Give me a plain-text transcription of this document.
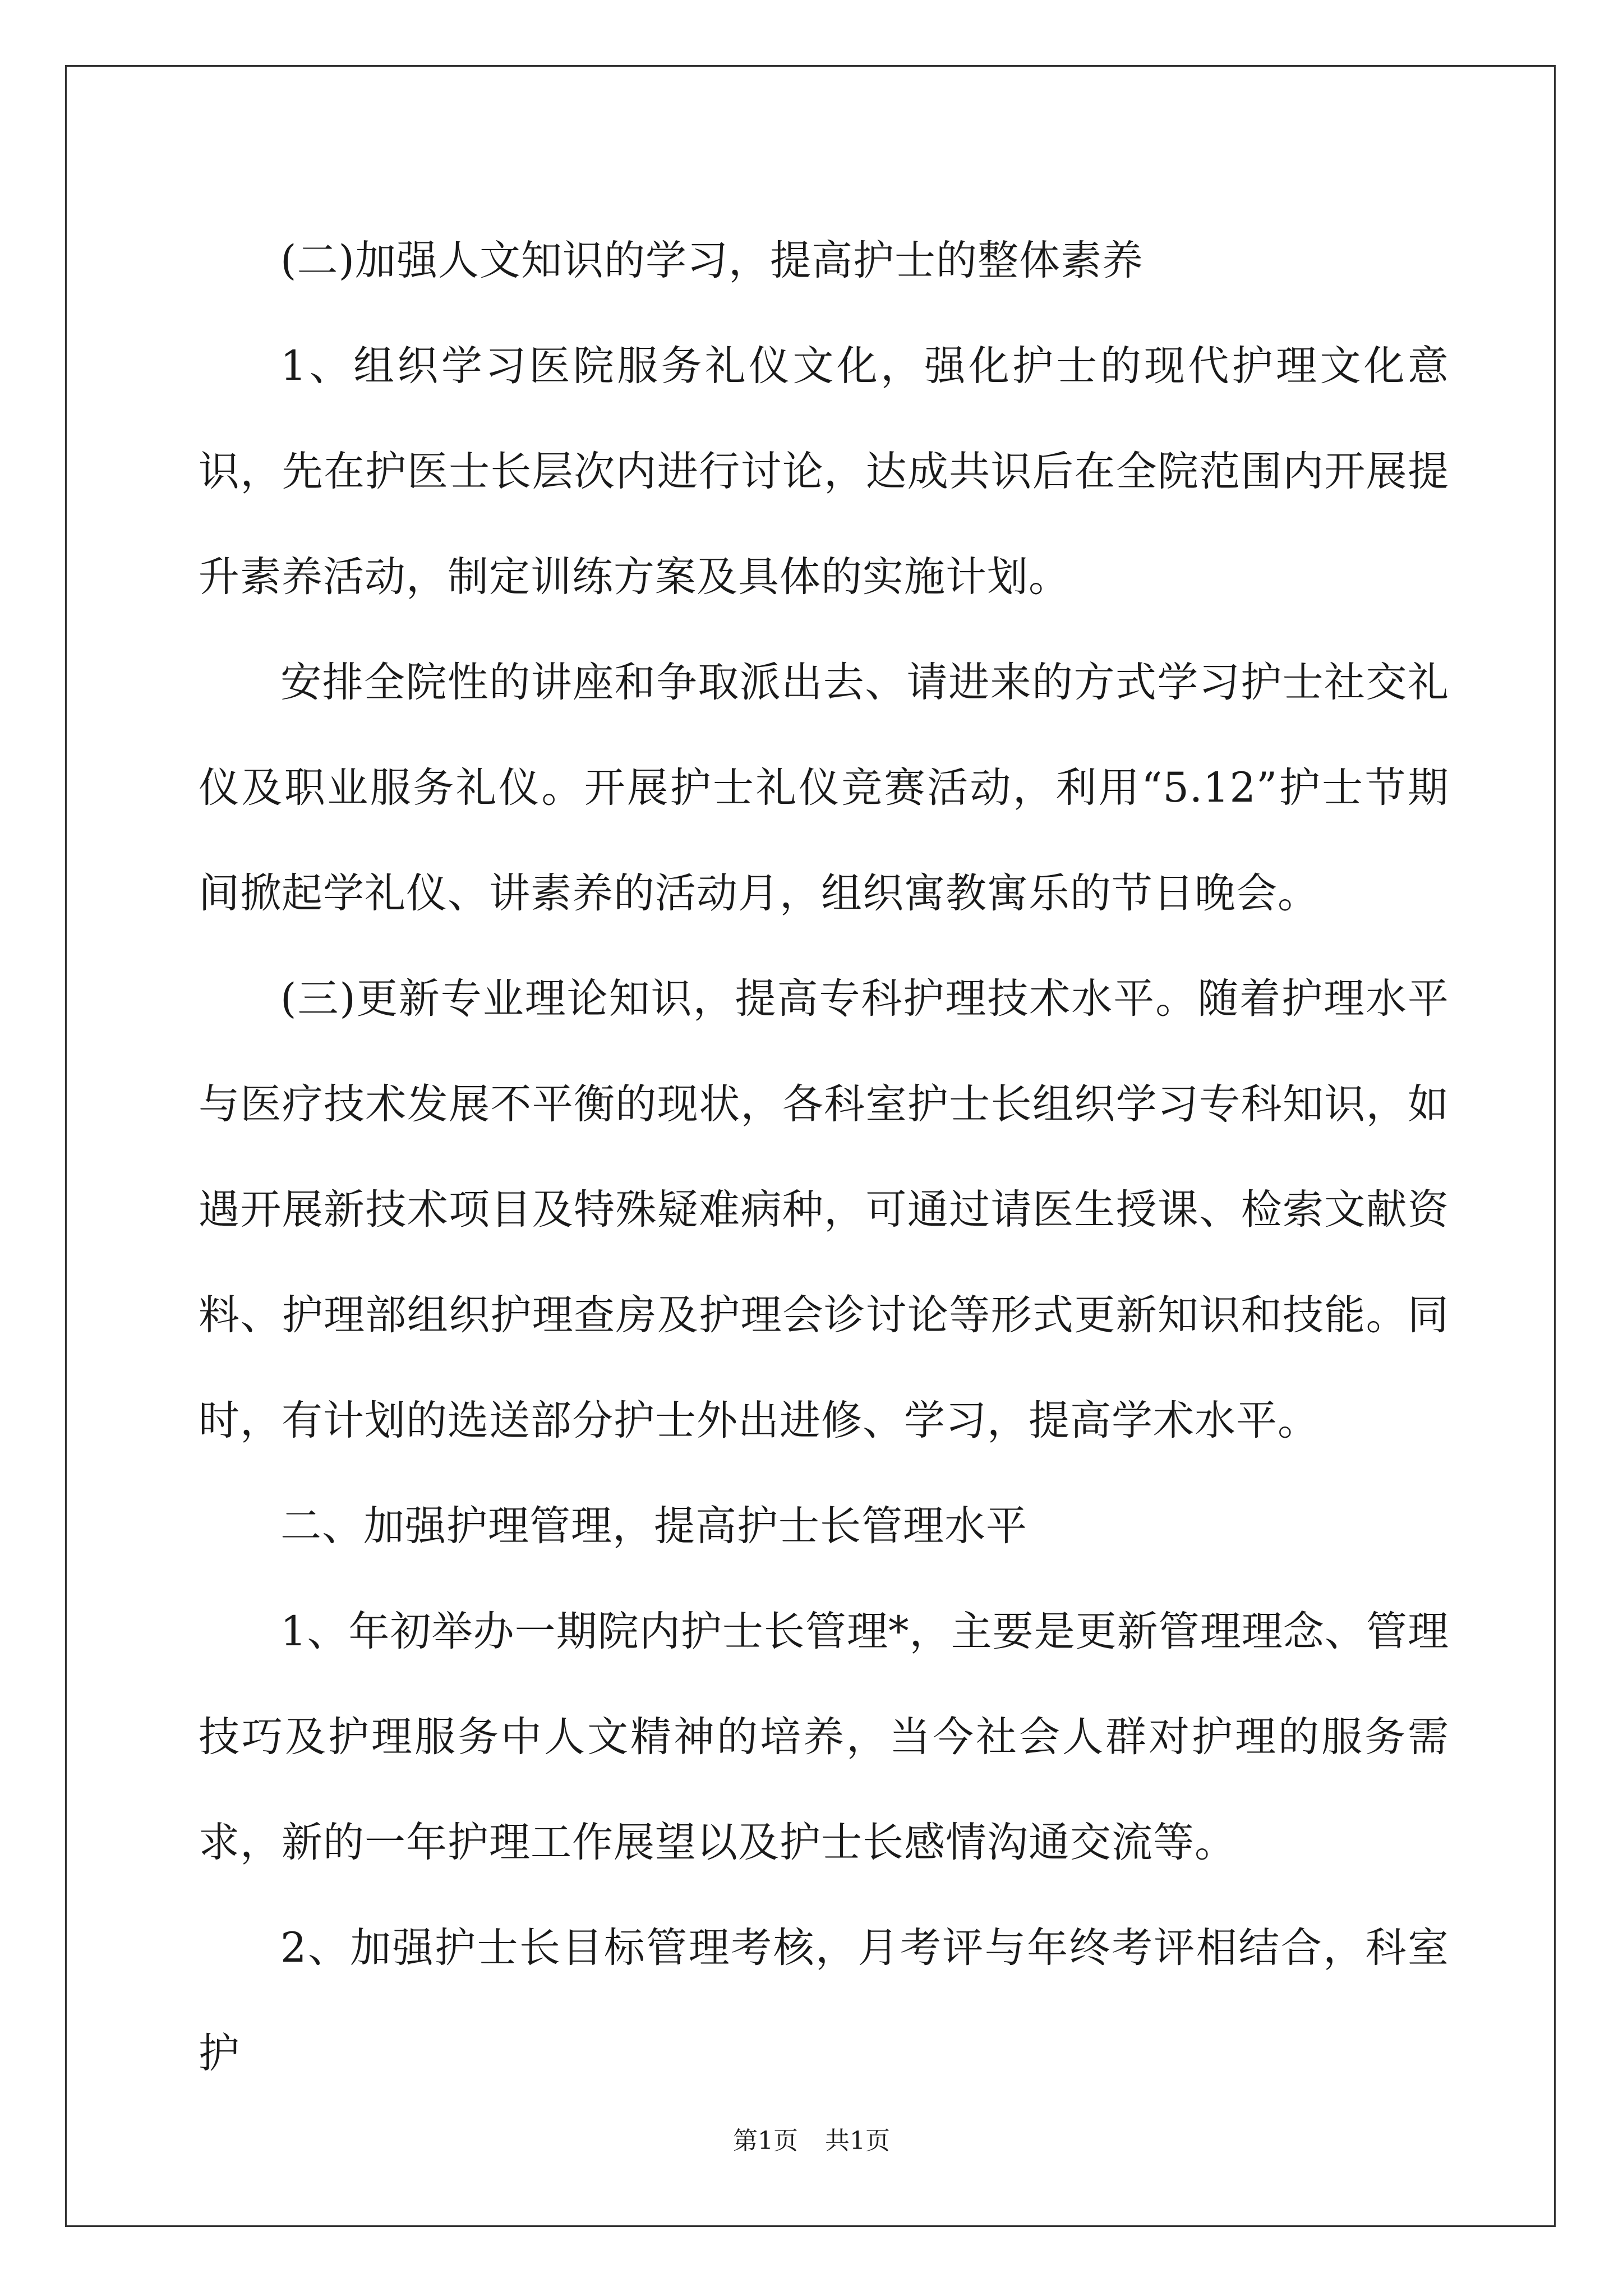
(二)加强人文知识的学习，提高护士的整体素养

1、组织学习医院服务礼仪文化，强化护士的现代护理文化意识，先在护医士长层次内进行讨论，达成共识后在全院范围内开展提升素养活动，制定训练方案及具体的实施计划。

安排全院性的讲座和争取派出去、请进来的方式学习护士社交礼仪及职业服务礼仪。开展护士礼仪竞赛活动，利用“5.12”护士节期间掀起学礼仪、讲素养的活动月，组织寓教寓乐的节日晚会。

(三)更新专业理论知识，提高专科护理技术水平。随着护理水平与医疗技术发展不平衡的现状，各科室护士长组织学习专科知识，如遇开展新技术项目及特殊疑难病种，可通过请医生授课、检索文献资料、护理部组织护理查房及护理会诊讨论等形式更新知识和技能。同时，有计划的选送部分护士外出进修、学习，提高学术水平。

二、加强护理管理，提高护士长管理水平

1、年初举办一期院内护士长管理*，主要是更新管理理念、管理技巧及护理服务中人文精神的培养，当今社会人群对护理的服务需求，新的一年护理工作展望以及护士长感情沟通交流等。

2、加强护士长目标管理考核，月考评与年终考评相结合，科室护

第1页 共1页
